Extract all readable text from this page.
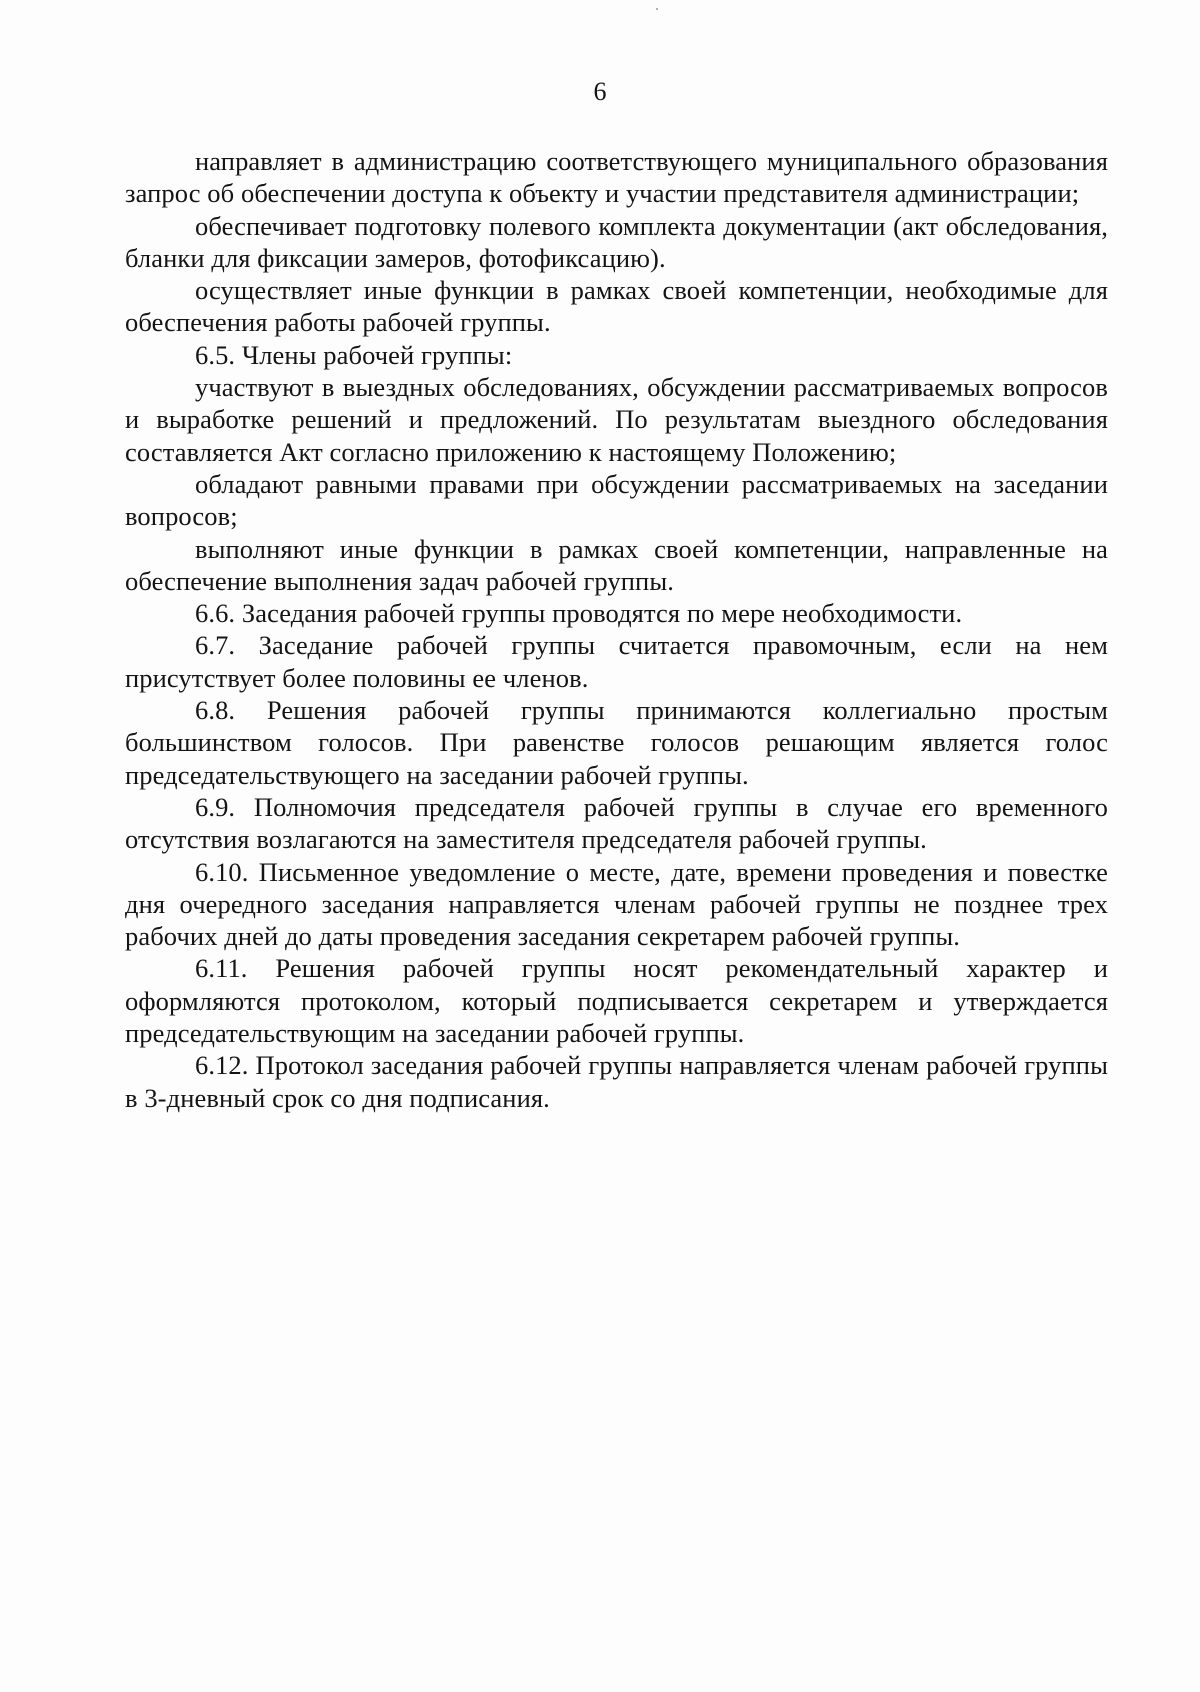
6

направляет в администрацию соответствующего муниципального образования запрос об обеспечении доступа к объекту и участии представителя администрации;

обеспечивает подготовку полевого комплекта документации (акт обследования, бланки для фиксации замеров, фотофиксацию).

осуществляет иные функции в рамках своей компетенции, необходимые для обеспечения работы рабочей группы.

6.5. Члены рабочей группы:

участвуют в выездных обследованиях, обсуждении рассматриваемых вопросов и выработке решений и предложений. По результатам выездного обследования составляется Акт согласно приложению к настоящему Положению;

обладают равными правами при обсуждении рассматриваемых на заседании вопросов;

выполняют иные функции в рамках своей компетенции, направленные на обеспечение выполнения задач рабочей группы.

6.6. Заседания рабочей группы проводятся по мере необходимости.

6.7. Заседание рабочей группы считается правомочным, если на нем присутствует более половины ее членов.

6.8. Решения рабочей группы принимаются коллегиально простым большинством голосов. При равенстве голосов решающим является голос председательствующего на заседании рабочей группы.

6.9. Полномочия председателя рабочей группы в случае его временного отсутствия возлагаются на заместителя председателя рабочей группы.

6.10. Письменное уведомление о месте, дате, времени проведения и повестке дня очередного заседания направляется членам рабочей группы не позднее трех рабочих дней до даты проведения заседания секретарем рабочей группы.

6.11. Решения рабочей группы носят рекомендательный характер и оформляются протоколом, который подписывается секретарем и утверждается председательствующим на заседании рабочей группы.

6.12. Протокол заседания рабочей группы направляется членам рабочей группы в 3-дневный срок со дня подписания.
